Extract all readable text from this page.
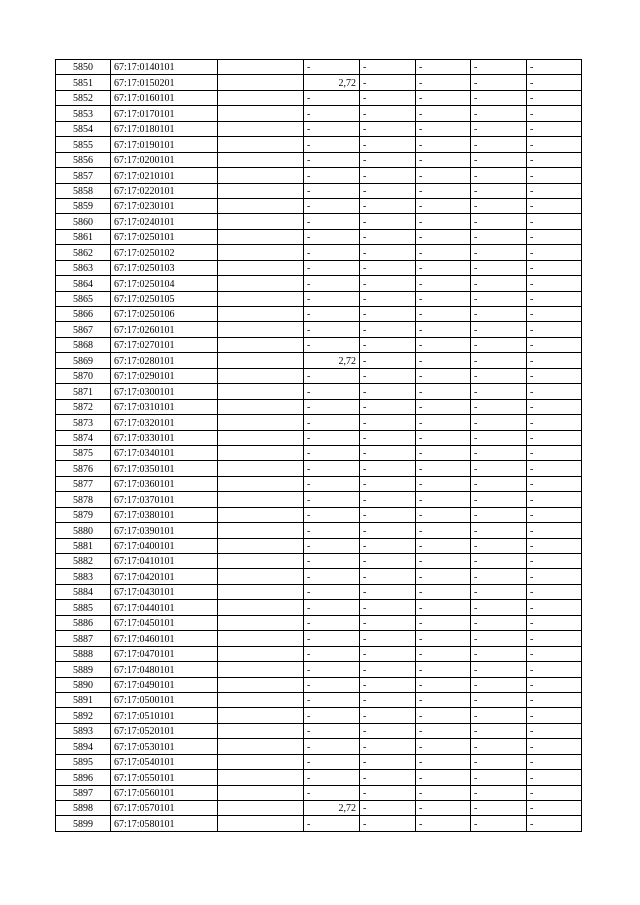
5850	67:17:0140101		-	-	-	-	-
5851	67:17:0150201		2,72	-	-	-	-
5852	67:17:0160101		-	-	-	-	-
5853	67:17:0170101		-	-	-	-	-
5854	67:17:0180101		-	-	-	-	-
5855	67:17:0190101		-	-	-	-	-
5856	67:17:0200101		-	-	-	-	-
5857	67:17:0210101		-	-	-	-	-
5858	67:17:0220101		-	-	-	-	-
5859	67:17:0230101		-	-	-	-	-
5860	67:17:0240101		-	-	-	-	-
5861	67:17:0250101		-	-	-	-	-
5862	67:17:0250102		-	-	-	-	-
5863	67:17:0250103		-	-	-	-	-
5864	67:17:0250104		-	-	-	-	-
5865	67:17:0250105		-	-	-	-	-
5866	67:17:0250106		-	-	-	-	-
5867	67:17:0260101		-	-	-	-	-
5868	67:17:0270101		-	-	-	-	-
5869	67:17:0280101		2,72	-	-	-	-
5870	67:17:0290101		-	-	-	-	-
5871	67:17:0300101		-	-	-	-	-
5872	67:17:0310101		-	-	-	-	-
5873	67:17:0320101		-	-	-	-	-
5874	67:17:0330101		-	-	-	-	-
5875	67:17:0340101		-	-	-	-	-
5876	67:17:0350101		-	-	-	-	-
5877	67:17:0360101		-	-	-	-	-
5878	67:17:0370101		-	-	-	-	-
5879	67:17:0380101		-	-	-	-	-
5880	67:17:0390101		-	-	-	-	-
5881	67:17:0400101		-	-	-	-	-
5882	67:17:0410101		-	-	-	-	-
5883	67:17:0420101		-	-	-	-	-
5884	67:17:0430101		-	-	-	-	-
5885	67:17:0440101		-	-	-	-	-
5886	67:17:0450101		-	-	-	-	-
5887	67:17:0460101		-	-	-	-	-
5888	67:17:0470101		-	-	-	-	-
5889	67:17:0480101		-	-	-	-	-
5890	67:17:0490101		-	-	-	-	-
5891	67:17:0500101		-	-	-	-	-
5892	67:17:0510101		-	-	-	-	-
5893	67:17:0520101		-	-	-	-	-
5894	67:17:0530101		-	-	-	-	-
5895	67:17:0540101		-	-	-	-	-
5896	67:17:0550101		-	-	-	-	-
5897	67:17:0560101		-	-	-	-	-
5898	67:17:0570101		2,72	-	-	-	-
5899	67:17:0580101		-	-	-	-	-
